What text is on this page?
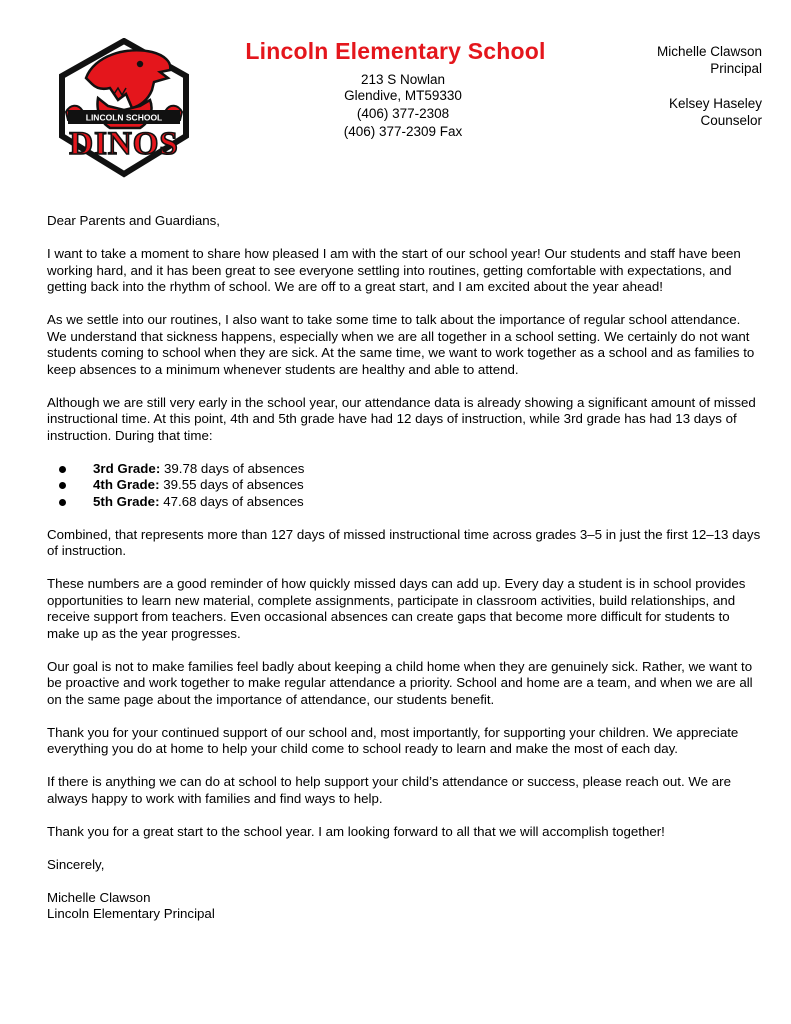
LINCOLN SCHOOL
DINOS
Lincoln Elementary School
213 S Nowlan
Glendive, MT59330
(406) 377-2308
(406) 377-2309 Fax
Michelle Clawson
Principal
Kelsey Haseley
Counselor

Dear Parents and Guardians,

I want to take a moment to share how pleased I am with the start of our school year! Our students and staff have been working hard, and it has been great to see everyone settling into routines, getting comfortable with expectations, and getting back into the rhythm of school. We are off to a great start, and I am excited about the year ahead!

As we settle into our routines, I also want to take some time to talk about the importance of regular school attendance. We understand that sickness happens, especially when we are all together in a school setting. We certainly do not want students coming to school when they are sick. At the same time, we want to work together as a school and as families to keep absences to a minimum whenever students are healthy and able to attend.

Although we are still very early in the school year, our attendance data is already showing a significant amount of missed instructional time. At this point, 4th and 5th grade have had 12 days of instruction, while 3rd grade has had 13 days of instruction. During that time:

3rd Grade: 39.78 days of absences
4th Grade: 39.55 days of absences
5th Grade: 47.68 days of absences

Combined, that represents more than 127 days of missed instructional time across grades 3–5 in just the first 12–13 days of instruction.

These numbers are a good reminder of how quickly missed days can add up. Every day a student is in school provides opportunities to learn new material, complete assignments, participate in classroom activities, build relationships, and receive support from teachers. Even occasional absences can create gaps that become more difficult for students to make up as the year progresses.

Our goal is not to make families feel badly about keeping a child home when they are genuinely sick. Rather, we want to be proactive and work together to make regular attendance a priority. School and home are a team, and when we are all on the same page about the importance of attendance, our students benefit.

Thank you for your continued support of our school and, most importantly, for supporting your children. We appreciate everything you do at home to help your child come to school ready to learn and make the most of each day.

If there is anything we can do at school to help support your child’s attendance or success, please reach out. We are always happy to work with families and find ways to help.

Thank you for a great start to the school year. I am looking forward to all that we will accomplish together!

Sincerely,

Michelle Clawson

Lincoln Elementary Principal
